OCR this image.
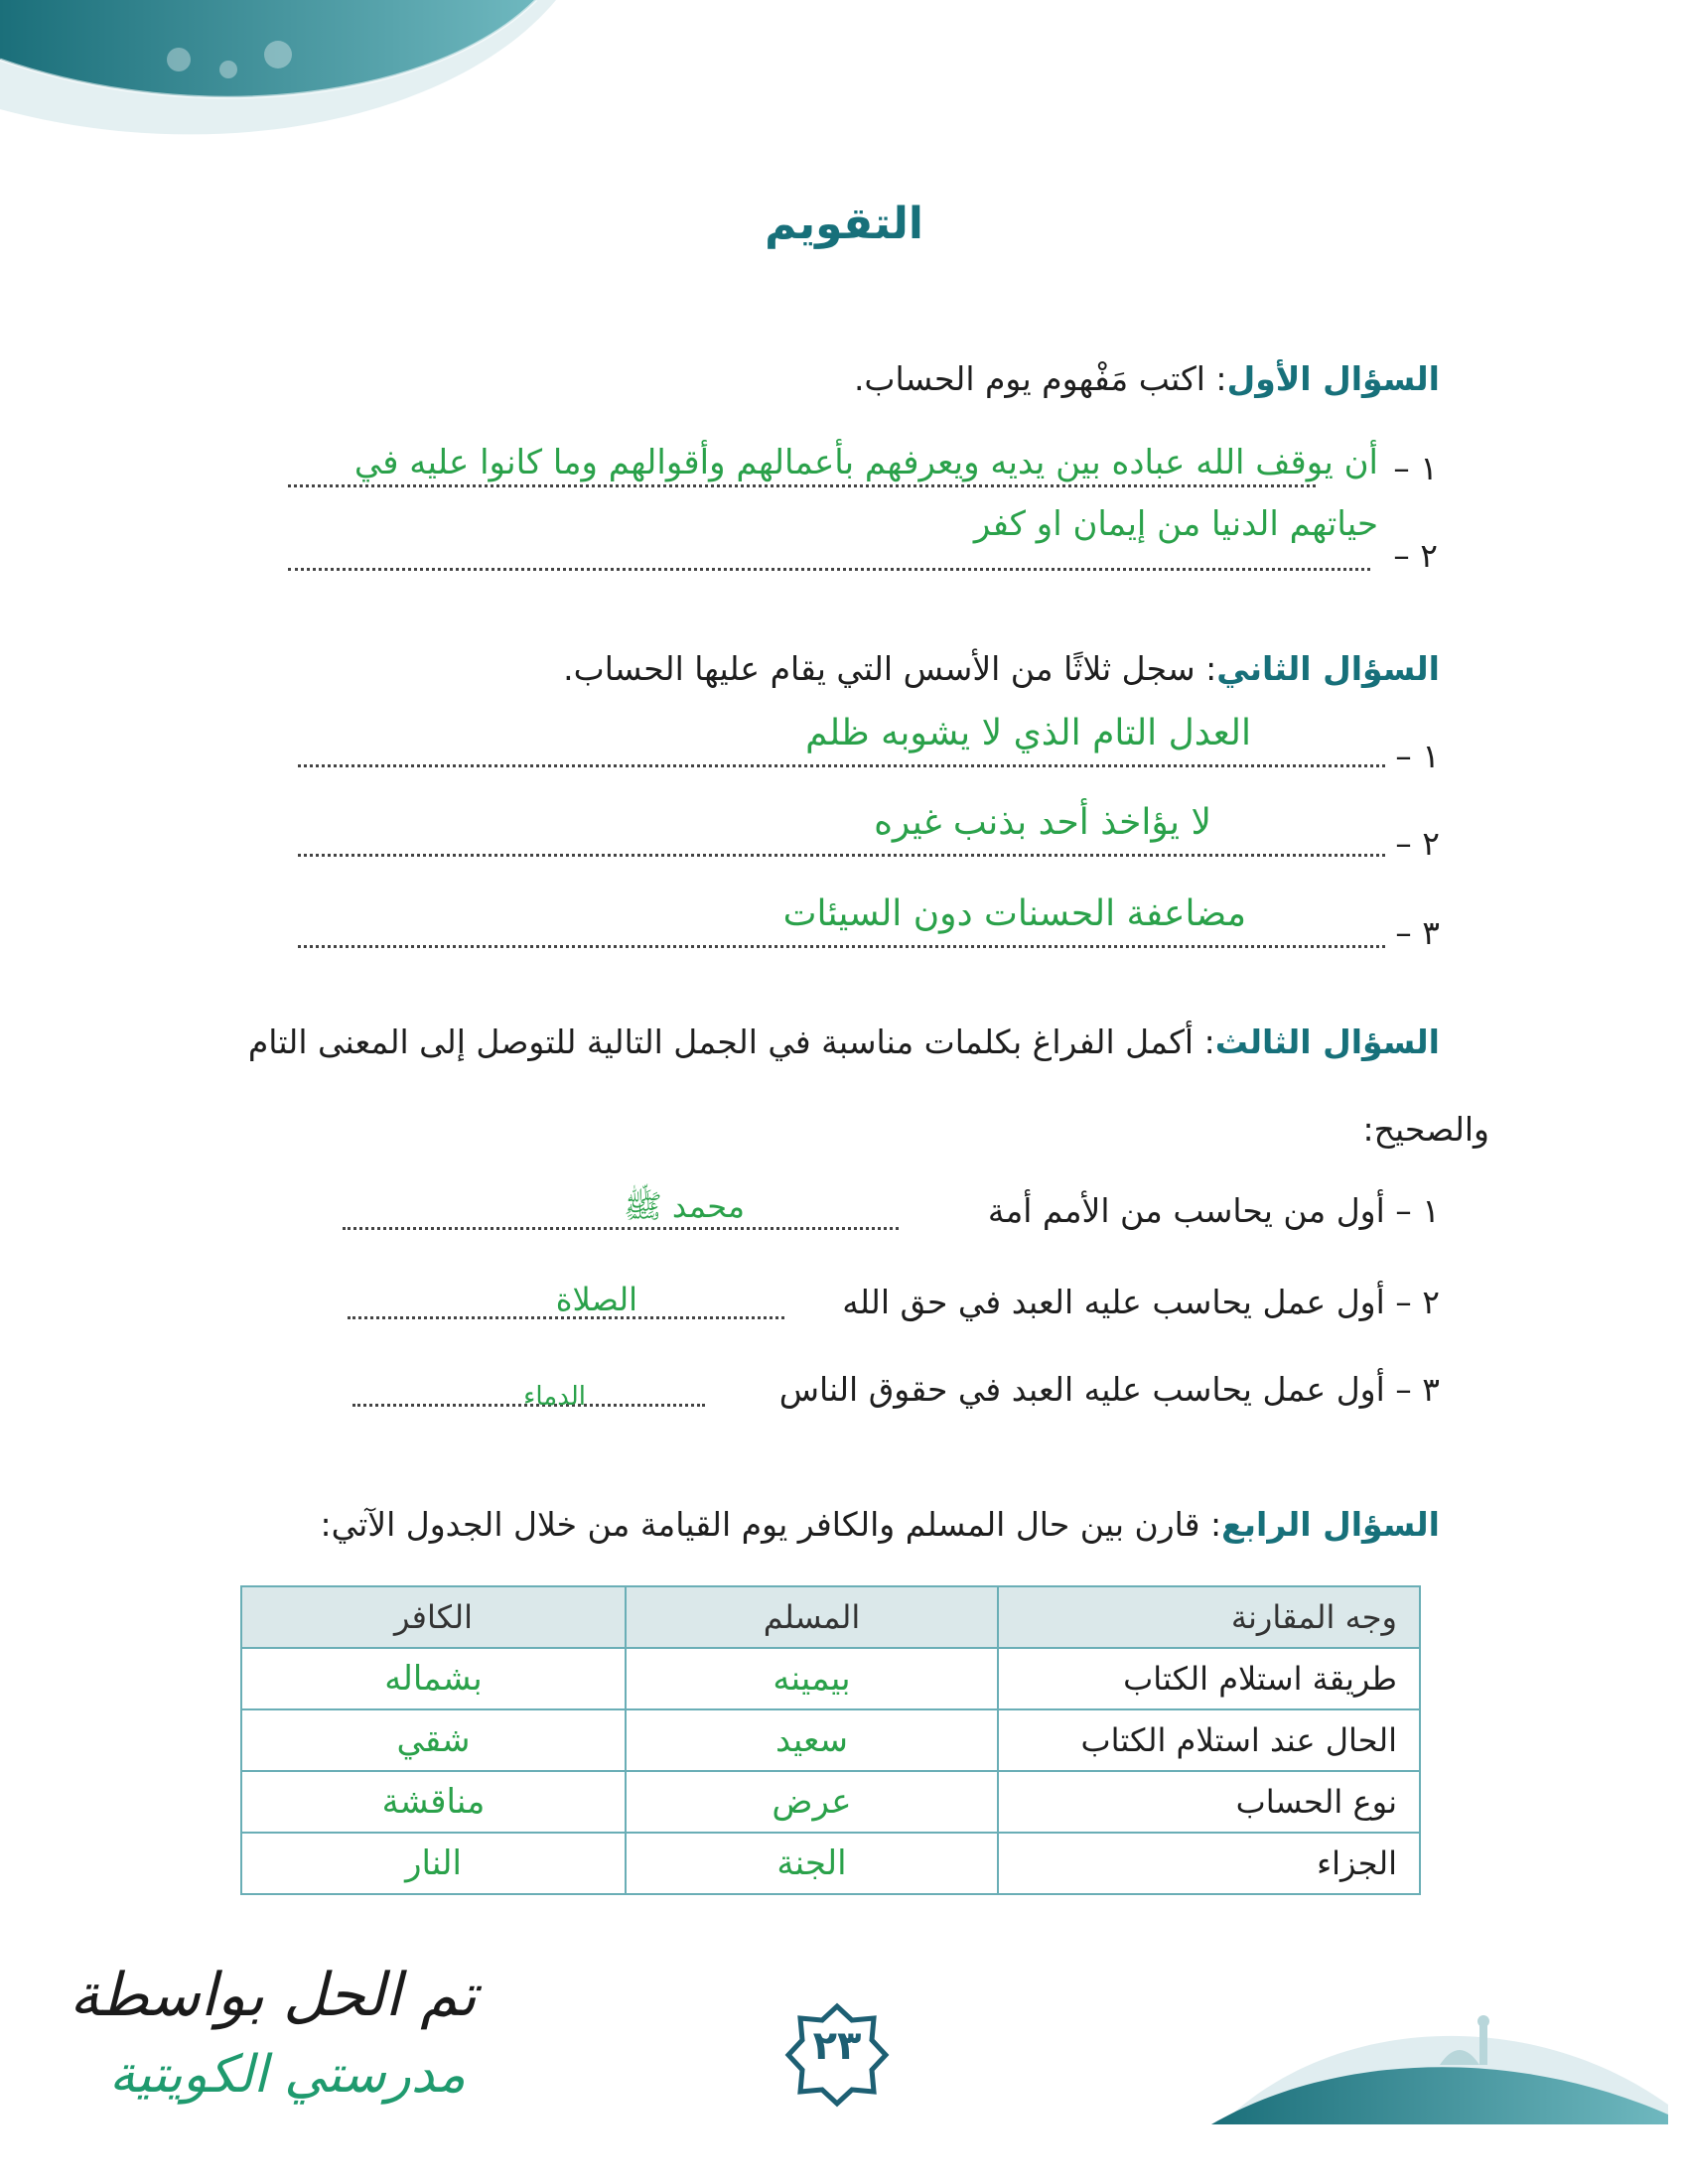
التقويم
السؤال الأول: اكتب مَفْهوم يوم الحساب.
١ –
أن يوقف الله عباده بين يديه ويعرفهم بأعمالهم وأقوالهم وما كانوا عليه في
٢ –
حياتهم الدنيا من إيمان او كفر
السؤال الثاني: سجل ثلاثًا من الأسس التي يقام عليها الحساب.
١ –
العدل التام الذي لا يشوبه ظلم
٢ –
لا يؤاخذ أحد بذنب غيره
٣ –
مضاعفة الحسنات دون السيئات
السؤال الثالث: أكمل الفراغ بكلمات مناسبة في الجمل التالية للتوصل إلى المعنى التام
والصحيح:
١ – أول من يحاسب من الأمم أمة
محمد ﷺ
٢ – أول عمل يحاسب عليه العبد في حق الله
الصلاة
٣ – أول عمل يحاسب عليه العبد في حقوق الناس
الدماء
السؤال الرابع: قارن بين حال المسلم والكافر يوم القيامة من خلال الجدول الآتي:
وجه المقارنة	المسلم	الكافر
طريقة استلام الكتاب	بيمينه	بشماله
الحال عند استلام الكتاب	سعيد	شقي
نوع الحساب	عرض	مناقشة
الجزاء	الجنة	النار
٢٣
تم الحل بواسطة
مدرستي الكويتية
